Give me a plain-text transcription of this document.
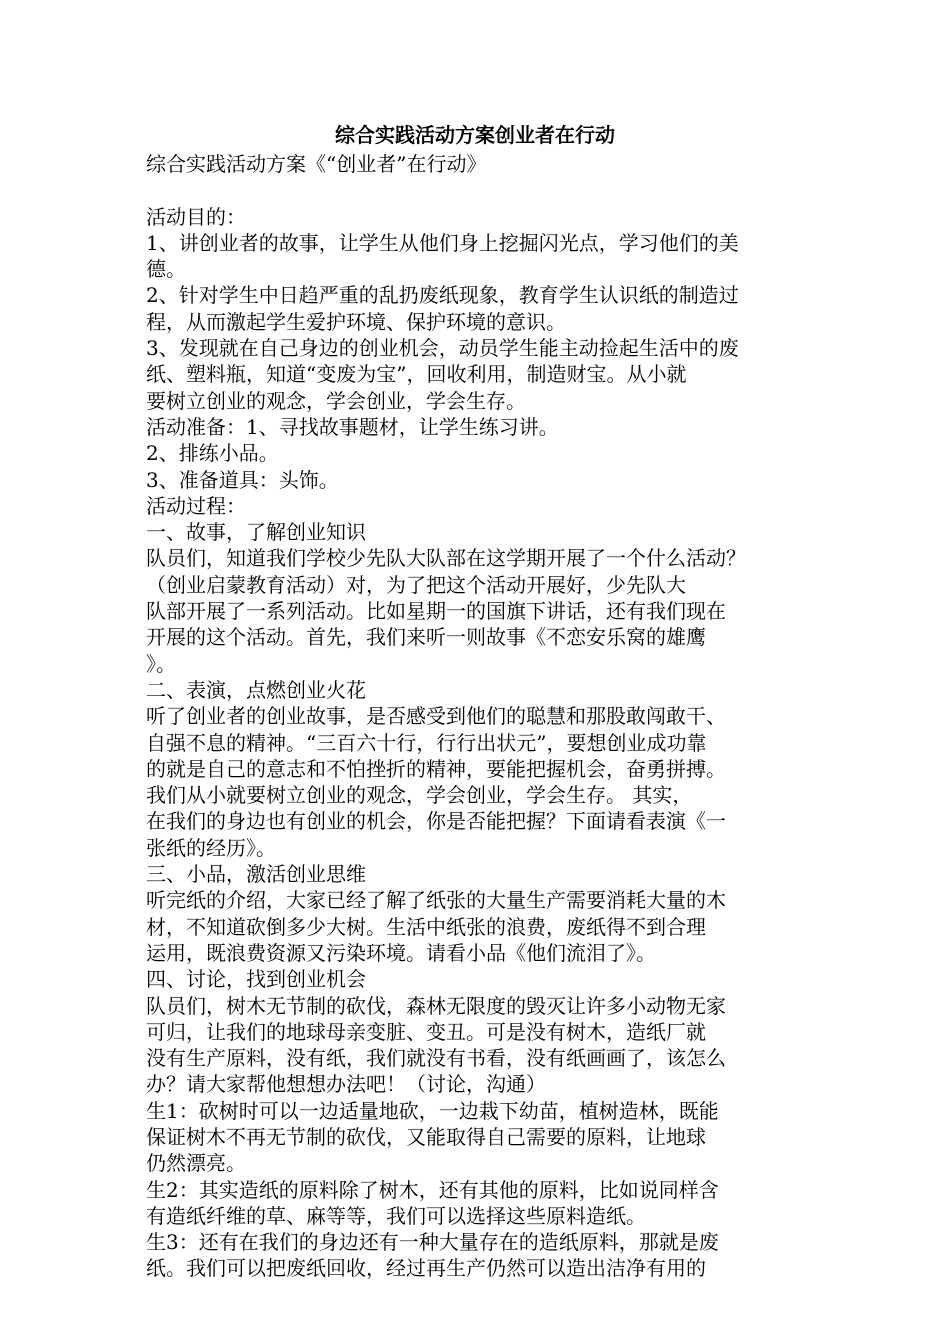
综合实践活动方案创业者在行动
综合实践活动方案《“创业者”在行动》
活动目的：
1、讲创业者的故事，让学生从他们身上挖掘闪光点，学习他们的美
德。
2、针对学生中日趋严重的乱扔废纸现象，教育学生认识纸的制造过
程，从而激起学生爱护环境、保护环境的意识。
3、发现就在自己身边的创业机会，动员学生能主动捡起生活中的废
纸、塑料瓶，知道“变废为宝”，回收利用，制造财宝。从小就
要树立创业的观念，学会创业，学会生存。
活动准备：1、寻找故事题材，让学生练习讲。
2、排练小品。
3、准备道具：头饰。
活动过程：
一、故事，了解创业知识
队员们，知道我们学校少先队大队部在这学期开展了一个什么活动？
（创业启蒙教育活动）对，为了把这个活动开展好，少先队大
队部开展了一系列活动。比如星期一的国旗下讲话，还有我们现在
开展的这个活动。首先，我们来听一则故事《不恋安乐窝的雄鹰
》。
二、表演，点燃创业火花
听了创业者的创业故事，是否感受到他们的聪慧和那股敢闯敢干、
自强不息的精神。“三百六十行，行行出状元”，要想创业成功靠
的就是自己的意志和不怕挫折的精神，要能把握机会，奋勇拼搏。
我们从小就要树立创业的观念，学会创业，学会生存。 其实，
在我们的身边也有创业的机会，你是否能把握？下面请看表演《一
张纸的经历》。
三、小品，激活创业思维
听完纸的介绍，大家已经了解了纸张的大量生产需要消耗大量的木
材，不知道砍倒多少大树。生活中纸张的浪费，废纸得不到合理
运用，既浪费资源又污染环境。请看小品《他们流泪了》。
四、讨论，找到创业机会
队员们，树木无节制的砍伐，森林无限度的毁灭让许多小动物无家
可归，让我们的地球母亲变脏、变丑。可是没有树木，造纸厂就
没有生产原料，没有纸，我们就没有书看，没有纸画画了，该怎么
办？请大家帮他想想办法吧！（讨论，沟通）
生1：砍树时可以一边适量地砍，一边栽下幼苗，植树造林，既能
保证树木不再无节制的砍伐，又能取得自己需要的原料，让地球
仍然漂亮。
生2：其实造纸的原料除了树木，还有其他的原料，比如说同样含
有造纸纤维的草、麻等等，我们可以选择这些原料造纸。
生3：还有在我们的身边还有一种大量存在的造纸原料，那就是废
纸。我们可以把废纸回收，经过再生产仍然可以造出洁净有用的
